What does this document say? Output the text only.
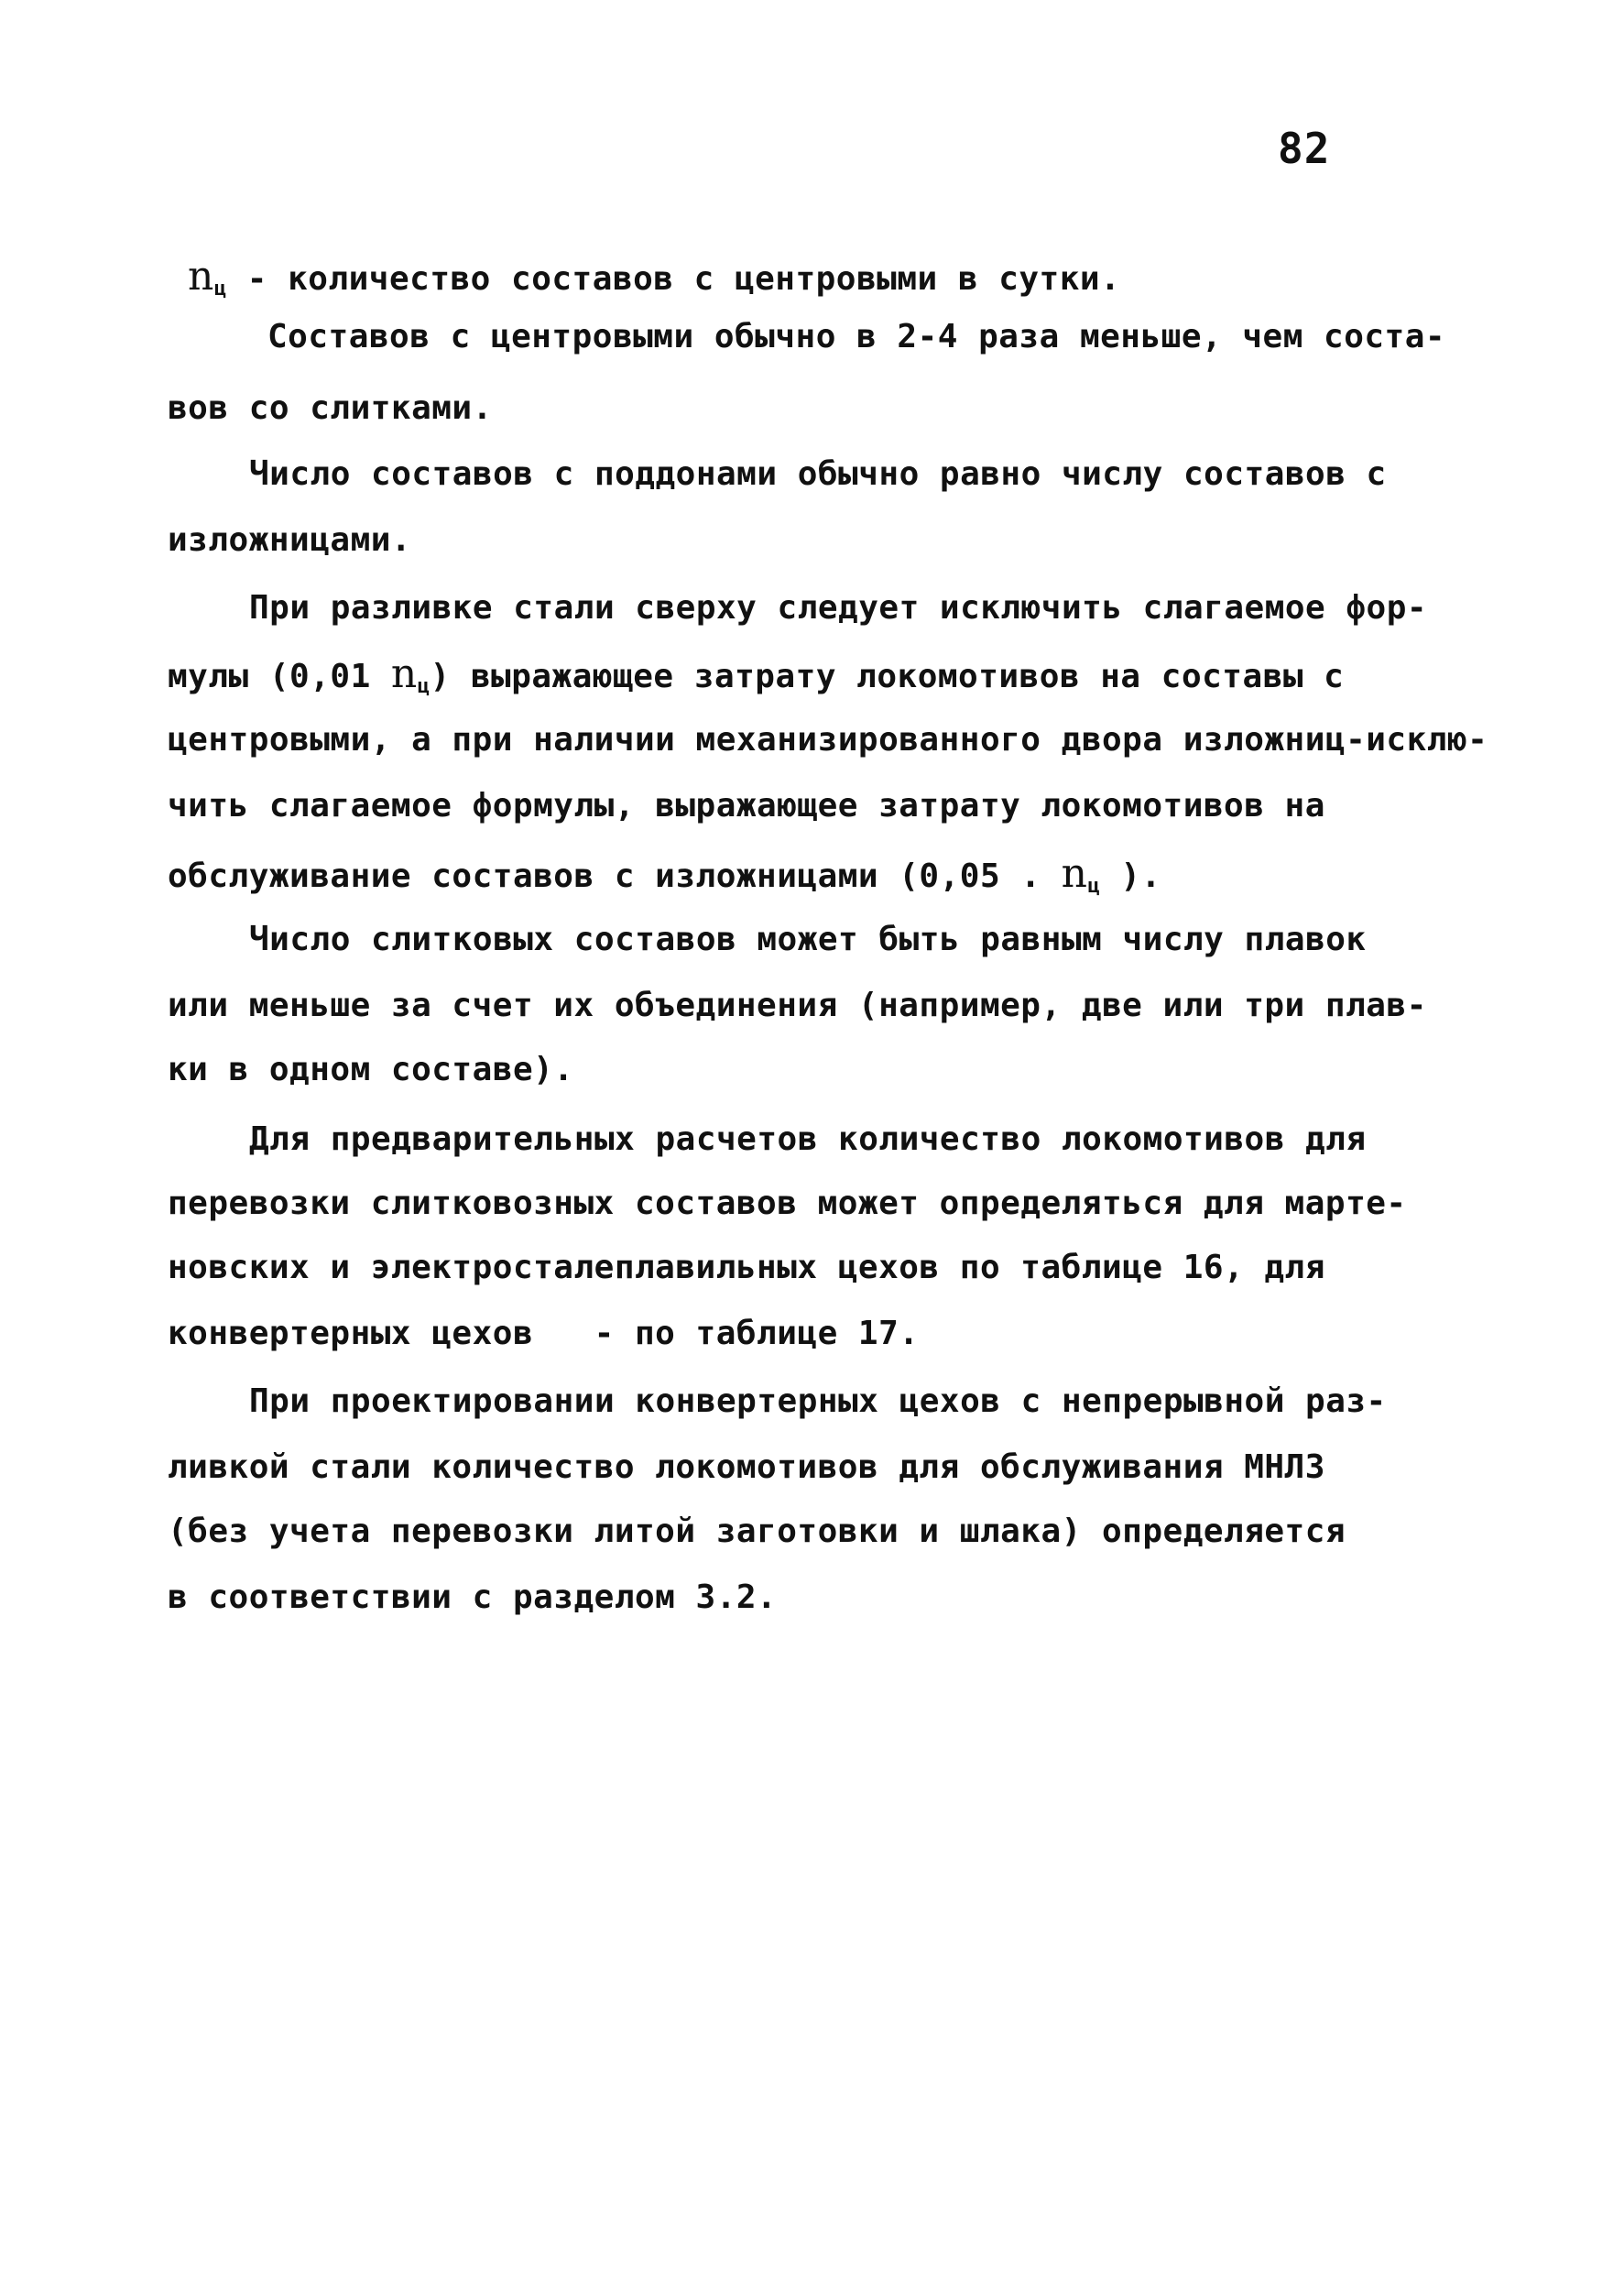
82
$n_ц$ - количество составов с центровыми в сутки.
Составов с центровыми обычно в 2-4 раза меньше, чем соста-
вов со слитками.
Число составов с поддонами обычно равно числу составов с
изложницами.
При разливке стали сверху следует исключить слагаемое фор-
мулы (0,01 $n_ц$) выражающее затрату локомотивов на составы с
центровыми, а при наличии механизированного двора изложниц-исклю-
чить слагаемое формулы, выражающее затрату локомотивов на
обслуживание составов с изложницами (0,05 . $n_ц$ ).
Число слитковых составов может быть равным числу плавок
или меньше за счет их объединения (например, две или три плав-
ки в одном составе).
Для предварительных расчетов количество локомотивов для
перевозки слитковозных составов может определяться для марте-
новских и электросталеплавильных цехов по таблице 16, для
конвертерных цехов   - по таблице 17.
При проектировании конвертерных цехов с непрерывной раз-
ливкой стали количество локомотивов для обслуживания МНЛЗ
(без учета перевозки литой заготовки и шлака) определяется
в соответствии с разделом 3.2.
